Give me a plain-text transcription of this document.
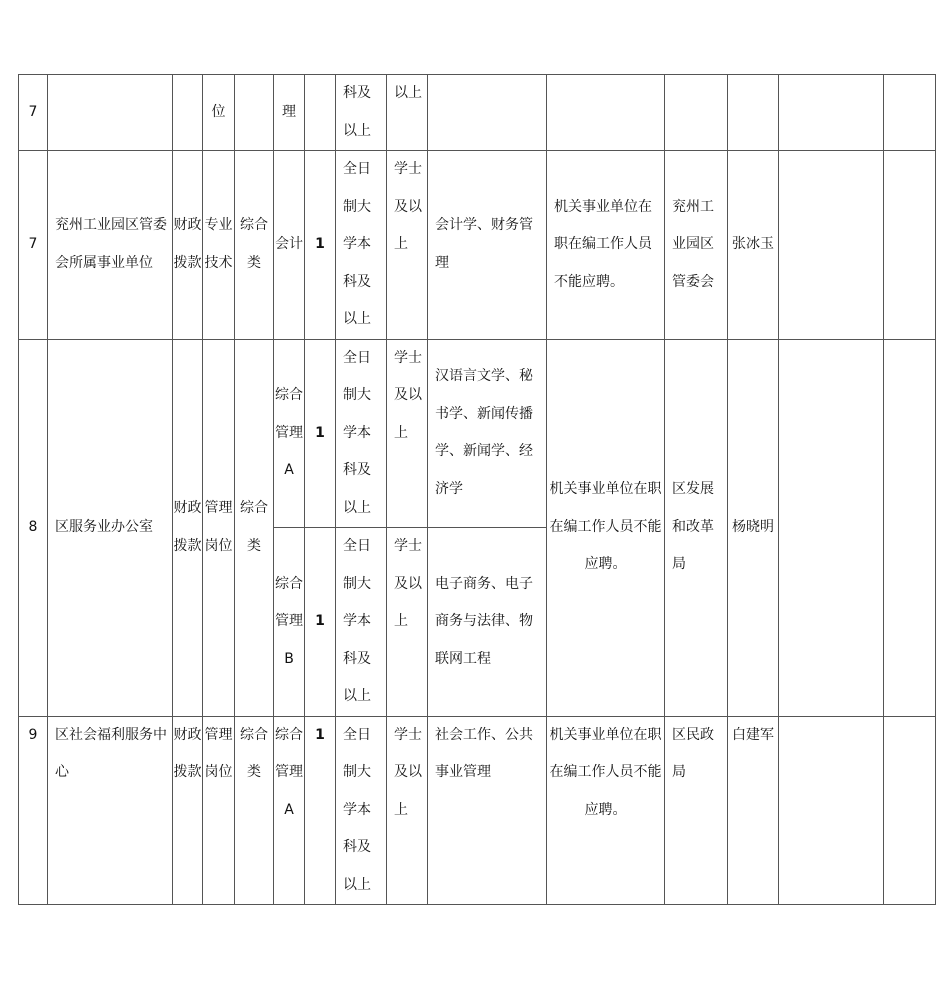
7			位		理		科及以上	以上						
7	兖州工业园区管委会所属事业单位	财政拨款	专业技术	综合类	会计	1	全日制大学本科及以上	学士及以上	会计学、财务管理	机关事业单位在职在编工作人员不能应聘。	兖州工业园区管委会	张冰玉		
8	区服务业办公室	财政拨款	管理岗位	综合类	综合管理A	1	全日制大学本科及以上	学士及以上	汉语言文学、秘书学、新闻传播学、新闻学、经济学	机关事业单位在职在编工作人员不能应聘。	区发展和改革局	杨晓明		
					综合管理B	1	全日制大学本科及以上	学士及以上	电子商务、电子商务与法律、物联网工程					
9	区社会福利服务中心	财政拨款	管理岗位	综合类	综合管理A	1	全日制大学本科及以上	学士及以上	社会工作、公共事业管理	机关事业单位在职在编工作人员不能应聘。	区民政局	白建军		
